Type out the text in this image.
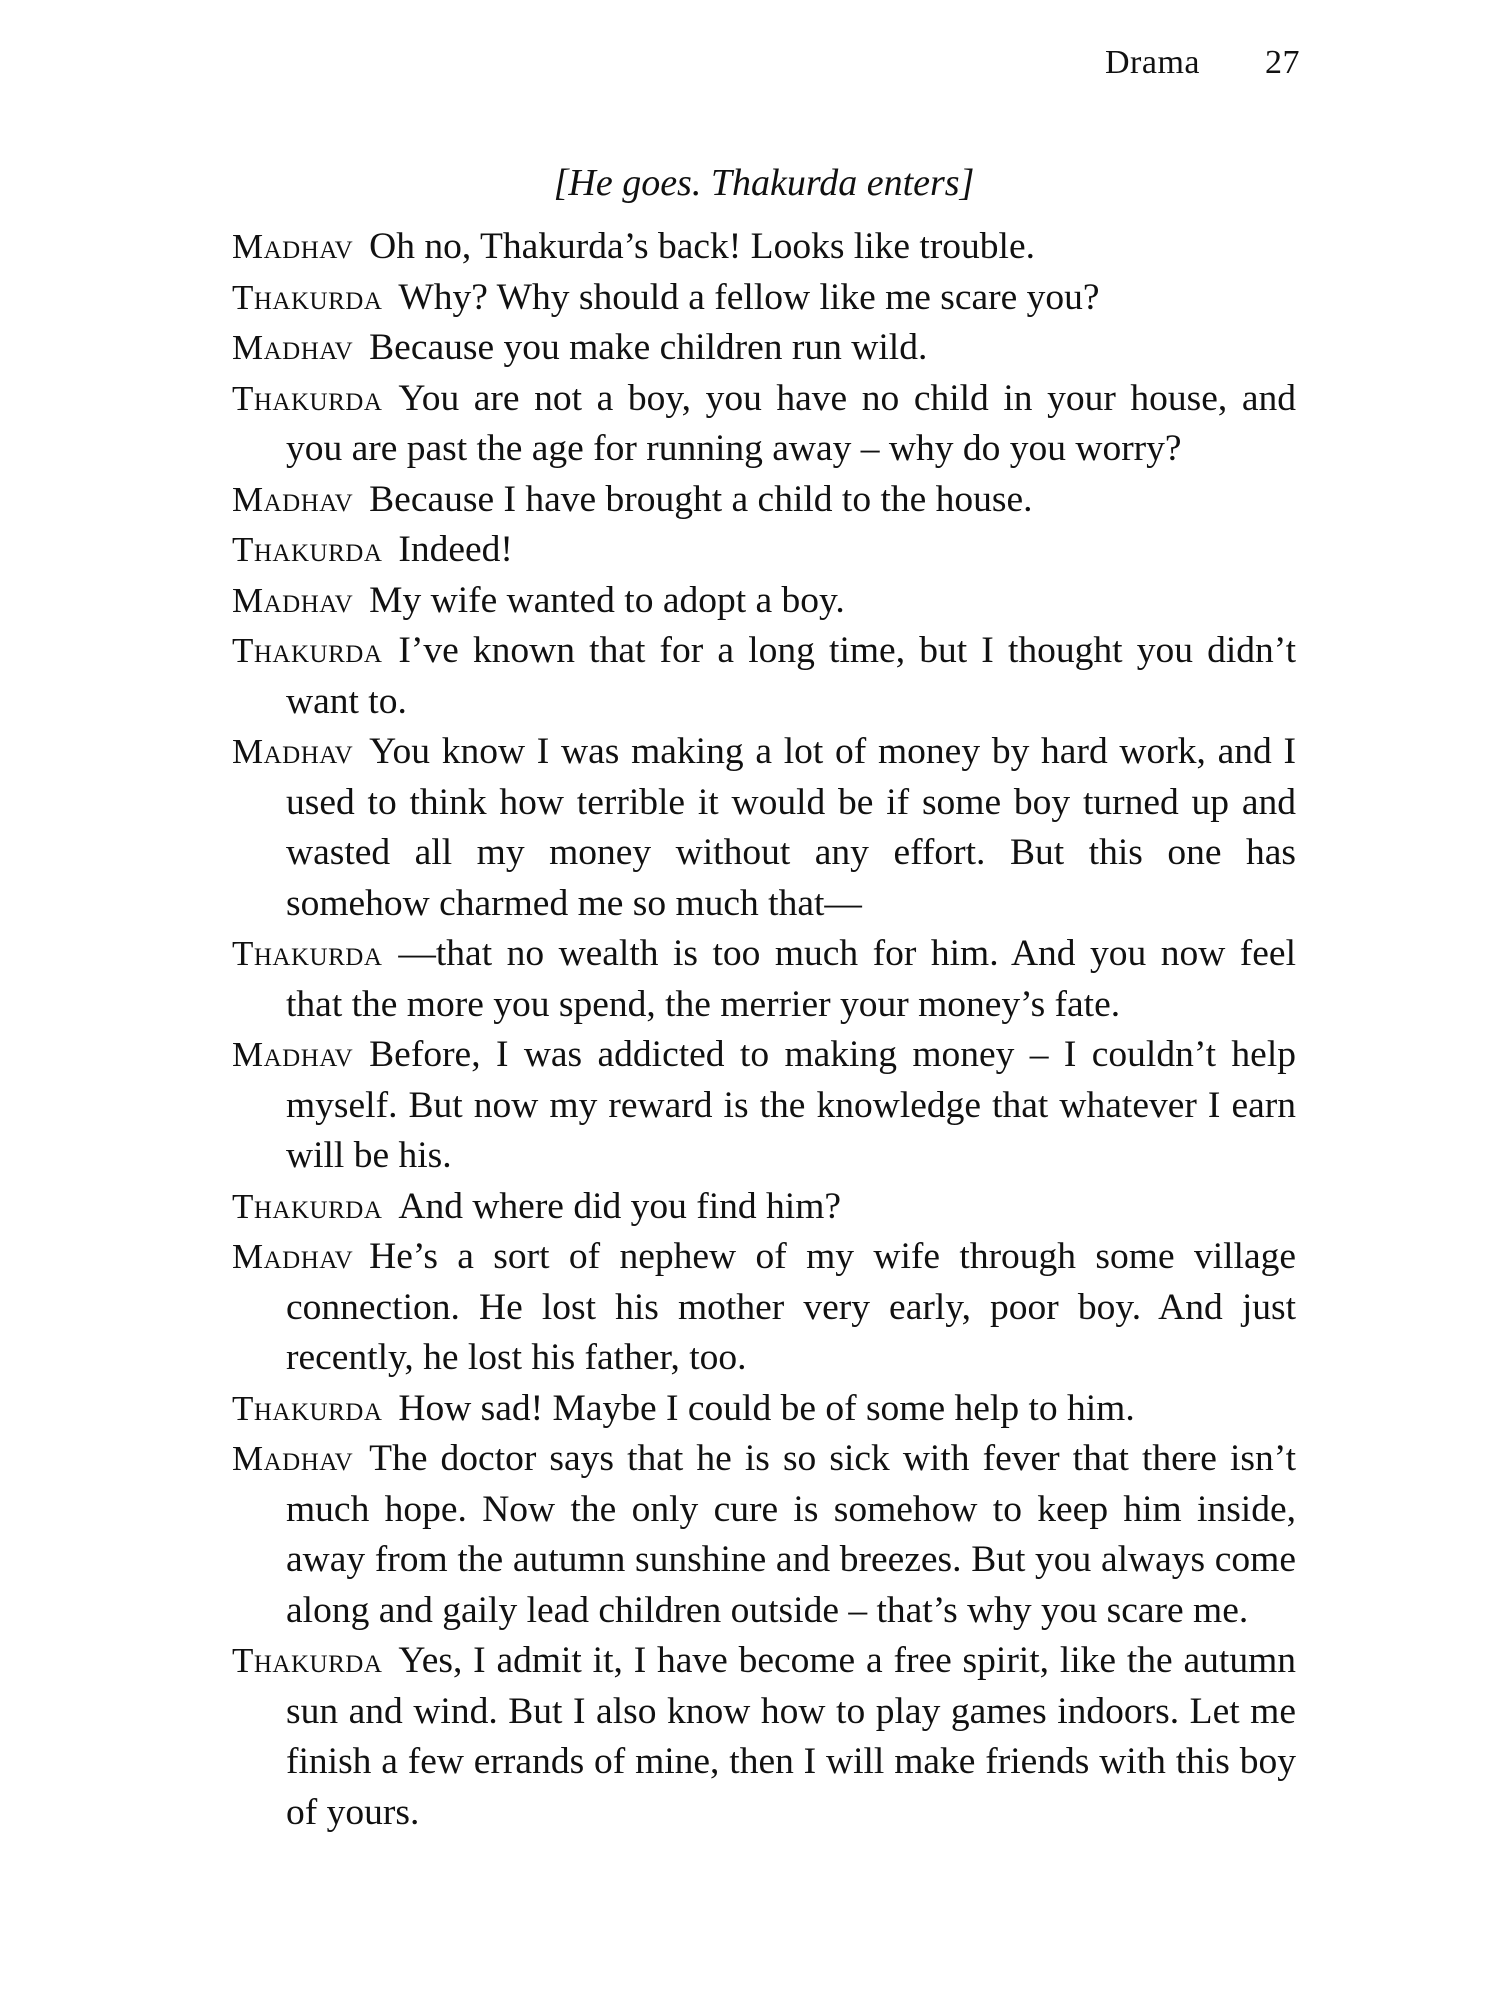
Drama 27

[He goes. Thakurda enters]

Madhav Oh no, Thakurda’s back! Looks like trouble.

Thakurda Why? Why should a fellow like me scare you?

Madhav Because you make children run wild.

Thakurda You are not a boy, you have no child in your house, and you are past the age for running away – why do you worry?

Madhav Because I have brought a child to the house.

Thakurda Indeed!

Madhav My wife wanted to adopt a boy.

Thakurda I’ve known that for a long time, but I thought you didn’t want to.

Madhav You know I was making a lot of money by hard work, and I used to think how terrible it would be if some boy turned up and wasted all my money without any effort. But this one has somehow charmed me so much that—

Thakurda —that no wealth is too much for him. And you now feel that the more you spend, the merrier your money’s fate.

Madhav Before, I was addicted to making money – I couldn’t help myself. But now my reward is the knowledge that whatever I earn will be his.

Thakurda And where did you find him?

Madhav He’s a sort of nephew of my wife through some village connection. He lost his mother very early, poor boy. And just recently, he lost his father, too.

Thakurda How sad! Maybe I could be of some help to him.

Madhav The doctor says that he is so sick with fever that there isn’t much hope. Now the only cure is somehow to keep him inside, away from the autumn sunshine and breezes. But you always come along and gaily lead children outside – that’s why you scare me.

Thakurda Yes, I admit it, I have become a free spirit, like the autumn sun and wind. But I also know how to play games indoors. Let me finish a few errands of mine, then I will make friends with this boy of yours.
